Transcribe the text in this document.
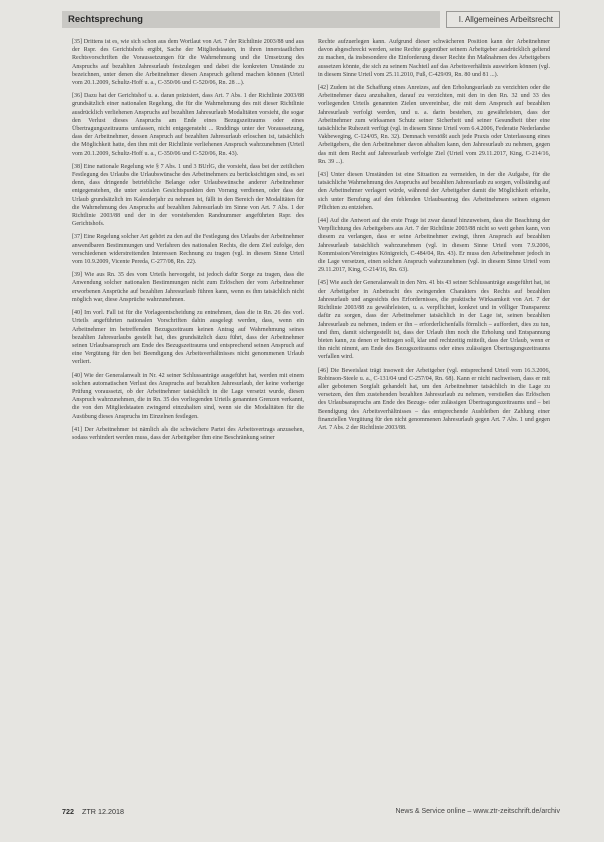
Rechtsprechung	I. Allgemeines Arbeitsrecht

[35] Drittens ist es, wie sich schon aus dem Wortlaut von Art. 7 der Richtlinie 2003/88 und aus der Rspr. des Gerichtshofs ergibt, Sache der Mitgliedstaaten, in ihren innerstaatlichen Rechtsvorschriften die Voraussetzungen für die Wahrnehmung und die Umsetzung des Anspruchs auf bezahlten Jahresurlaub festzulegen und dabei die konkreten Umstände zu bezeichnen, unter denen die Arbeitnehmer diesen Anspruch geltend machen können (Urteil vom 20.1.2009, Schultz-Hoff u. a., C-350/06 und C-520/06, Rn. 28 ...).

[36] Dazu hat der Gerichtshof u. a. daran präzisiert, dass Art. 7 Abs. 1 der Richtlinie 2003/88 grundsätzlich einer nationalen Regelung, die für die Wahrnehmung des mit dieser Richtlinie ausdrücklich verliehenen Anspruchs auf bezahlten Jahresurlaub Modalitäten vorsieht, die sogar den Verlust dieses Anspruchs am Ende eines Bezugszeitraums oder eines Übertragungszeitraums umfassen, nicht entgegensteht ... Rnddings unter der Voraussetzung, dass der Arbeitnehmer, dessen Anspruch auf bezahlten Jahresurlaub erloschen ist, tatsächlich die Möglichkeit hatte, den ihm mit der Richtlinie verliehenen Anspruch wahrzunehmen (Urteil vom 20.1.2009, Schultz-Hoff u. a., C-350/06 und C-520/06, Rn. 43).

[38] Eine nationale Regelung wie § 7 Abs. 1 und 3 BUrlG, die vorsieht, dass bei der zeitlichen Festlegung des Urlaubs die Urlaubswünsche des Arbeitnehmers zu berücksichtigen sind, es sei denn, dass dringende betriebliche Belange oder Urlaubswünsche anderer Arbeitnehmer entgegenstehen, die unter sozialen Gesichtspunkten den Vorrang verdienen, oder dass der Urlaub grundsätzlich im Kalenderjahr zu nehmen ist, fällt in den Bereich der Modalitäten für die Wahrnehmung des Anspruchs auf bezahlten Jahresurlaub im Sinne von Art. 7 Abs. 1 der Richtlinie 2003/88 und der in der vorstehenden Randnummer angeführten Rspr. des Gerichtshofs.

[37] Eine Regelung solcher Art gehört zu den auf die Festlegung des Urlaubs der Arbeitnehmer anwendbaren Bestimmungen und Verfahren des nationalen Rechts, die dem Ziel zufolge, den verschiedenen widerstreitenden Interessen Rechnung zu tragen (vgl. in diesem Sinne Urteil vom 10.9.2009, Vicente Pereda, C-277/08, Rn. 22).

[39] Wie aus Rn. 35 des vom Urteils hervorgeht, ist jedoch dafür Sorge zu tragen, dass die Anwendung solcher nationalen Bestimmungen nicht zum Erlöschen der vom Arbeitnehmer erworbenen Ansprüche auf bezahlten Jahresurlaub führen kann, wenn es ihm tatsächlich nicht möglich war, diese Ansprüche wahrzunehmen.

[40] Im vorl. Fall ist für die Vorlageentscheidung zu entnehmen, dass die in Rn. 26 des vorl. Urteils angeführten nationalen Vorschriften dahin ausgelegt werden, dass, wenn ein Arbeitnehmer im betreffenden Bezugszeitraum keinen Antrag auf Wahrnehmung seines bezahlten Jahresurlaubs gestellt hat, dies grundsätzlich dazu führt, dass der Arbeitnehmer seinen Urlaubsanspruch am Ende des Bezugszeitraums und entsprechend seinen Anspruch auf eine Vergütung für den bei Beendigung des Arbeitsverhältnisses nicht genommenen Urlaub verliert.

[40] Wie der Generalanwalt in Nr. 42 seiner Schlussanträge ausgeführt hat, werden mit einem solchen automatischen Verlust des Anspruchs auf bezahlten Jahresurlaub, der keine vorherige Prüfung voraussetzt, ob der Arbeitnehmer tatsächlich in die Lage versetzt wurde, diesen Anspruch wahrzunehmen, die in Rn. 35 des vorliegenden Urteils genannten Grenzen verkannt, die von den Mitgliedstaaten zwingend einzuhalten sind, wenn sie die Modalitäten für die Ausübung dieses Anspruchs im Einzelnen festlegen.

[41] Der Arbeitnehmer ist nämlich als die schwächere Partei des Arbeitsvertrags anzusehen, sodass verhindert werden muss, dass der Arbeitgeber ihm eine Beschränkung seiner

Rechte aufzuerlegen kann. Aufgrund dieser schwächeren Position kann der Arbeitnehmer davon abgeschreckt werden, seine Rechte gegenüber seinem Arbeitgeber ausdrücklich geltend zu machen, da insbesondere die Einforderung dieser Rechte ihn Maßnahmen des Arbeitgebers aussetzen könnte, die sich zu seinem Nachteil auf das Arbeitsverhältnis auswirken können (vgl. in diesem Sinne Urteil vom 25.11.2010, Fuß, C-429/09, Rn. 80 und 81 ...).

[42] Zudem ist die Schaffung eines Anreizes, auf den Erholungsurlaub zu verzichten oder die Arbeitnehmer dazu anzuhalten, darauf zu verzichten, mit den in den Rn. 32 und 33 des vorliegenden Urteils genannten Zielen unvereinbar, die mit dem Anspruch auf bezahlten Jahresurlaub verfolgt werden, und u. a. darin bestehen, zu gewährleisten, dass der Arbeitnehmer zum wirksamen Schutz seiner Sicherheit und seiner Gesundheit über eine tatsächliche Ruhezeit verfügt (vgl. in diesem Sinne Urteil vom 6.4.2006, Federatie Nederlandse Vakbeweging, C-124/05, Rn. 32). Demnach verstößt auch jede Praxis oder Unterlassung eines Arbeitgebers, die den Arbeitnehmer davon abhalten kann, den Jahresurlaub zu nehmen, gegen das mit dem Recht auf Jahresurlaub verfolgte Ziel (Urteil vom 29.11.2017, King, C-214/16, Rn. 39 ...).

[43] Unter diesen Umständen ist eine Situation zu vermeiden, in der die Aufgabe, für die tatsächliche Wahrnehmung des Anspruchs auf bezahlten Jahresurlaub zu sorgen, vollständig auf den Arbeitnehmer verlagert würde, während der Arbeitgeber damit die Möglichkeit erhielte, sich unter Berufung auf den fehlenden Urlaubsantrag des Arbeitnehmers seinen eigenen Pflichten zu entziehen.

[44] Auf die Antwort auf die erste Frage ist zwar darauf hinzuweisen, dass die Beachtung der Verpflichtung des Arbeitgebers aus Art. 7 der Richtlinie 2003/88 nicht so weit gehen kann, von diesem zu verlangen, dass er seine Arbeitnehmer zwingt, ihren Anspruch auf bezahlten Jahresurlaub tatsächlich wahrzunehmen (vgl. in diesem Sinne Urteil vom 7.9.2006, Kommission/Vereinigtes Königreich, C-484/04, Rn. 43). Er muss den Arbeitnehmer jedoch in die Lage versetzen, einen solchen Anspruch wahrzunehmen (vgl. in diesem Sinne Urteil vom 29.11.2017, King, C-214/16, Rn. 63).

[45] Wie auch der Generalanwalt in den Nrn. 41 bis 43 seiner Schlussanträge ausgeführt hat, ist der Arbeitgeber in Anbetracht des zwingenden Charakters des Rechts auf bezahlten Jahresurlaub und angesichts des Erfordernisses, die praktische Wirksamkeit von Art. 7 der Richtlinie 2003/88 zu gewährleisten, u. a. verpflichtet, konkret und in völliger Transparenz dafür zu sorgen, dass der Arbeitnehmer tatsächlich in der Lage ist, seinen bezahlten Jahresurlaub zu nehmen, indem er ihn – erforderlichenfalls förmlich – auffordert, dies zu tun, und ihm, damit sichergestellt ist, dass der Urlaub ihm noch die Erholung und Entspannung bieten kann, zu denen er beitragen soll, klar und rechtzeitig mitteilt, dass der Urlaub, wenn er ihn nicht nimmt, am Ende des Bezugszeitraums oder eines zulässigen Übertragungszeitraums verfallen wird.

[46] Die Beweislast trägt insoweit der Arbeitgeber (vgl. entsprechend Urteil vom 16.3.2006, Robinson-Steele u. a., C-131/04 und C-257/04, Rn. 68). Kann er nicht nachweisen, dass er mit aller gebotenen Sorgfalt gehandelt hat, um den Arbeitnehmer tatsächlich in die Lage zu versetzen, den ihm zustehenden bezahlten Jahresurlaub zu nehmen, verstießen das Erlöschen des Urlaubsanspruchs am Ende des Bezugs- oder zulässigen Übertragungszeitraums und – bei Beendigung des Arbeitsverhältnisses – das entsprechende Ausbleiben der Zahlung einer finanziellen Vergütung für den nicht genommenen Jahresurlaub gegen Art. 7 Abs. 1 und gegen Art. 7 Abs. 2 der Richtlinie 2003/88.

722 ZTR 12.2018	News & Service online – www.ztr-zeitschrift.de/archiv
